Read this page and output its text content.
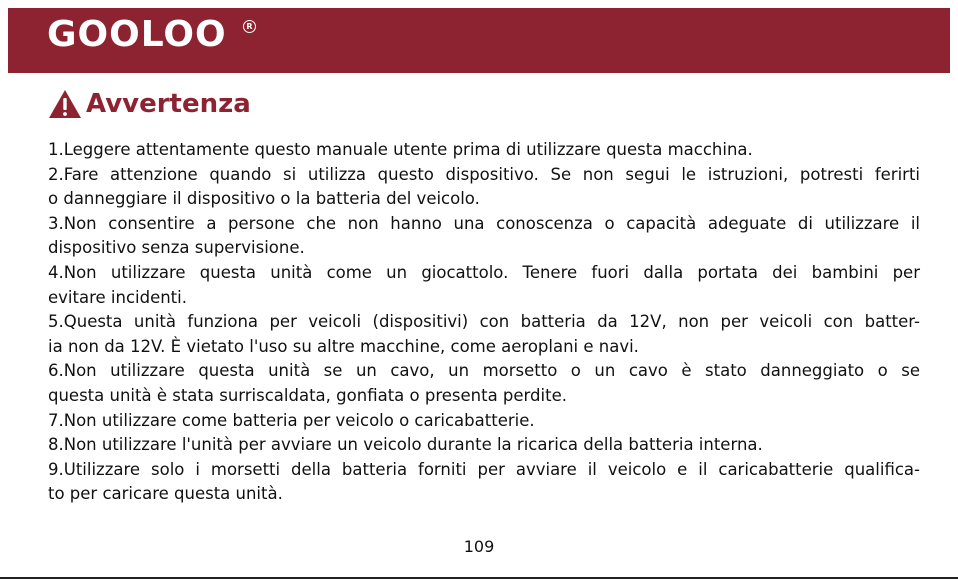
GOOLOO	R
Avvertenza
1.Leggere attentamente questo manuale utente prima di utilizzare questa macchina.
2.Fare attenzione quando si utilizza questo dispositivo. Se non segui le istruzioni, potresti ferirti
o danneggiare il dispositivo o la batteria del veicolo.
3.Non consentire a persone che non hanno una conoscenza o capacità adeguate di utilizzare il
dispositivo senza supervisione.
4.Non utilizzare questa unità come un giocattolo. Tenere fuori dalla portata dei bambini per
evitare incidenti.
5.Questa unità funziona per veicoli (dispositivi) con batteria da 12V, non per veicoli con batter-
ia non da 12V. È vietato l'uso su altre macchine, come aeroplani e navi.
6.Non utilizzare questa unità se un cavo, un morsetto o un cavo è stato danneggiato o se
questa unità è stata surriscaldata, gonfiata o presenta perdite.
7.Non utilizzare come batteria per veicolo o caricabatterie.
8.Non utilizzare l'unità per avviare un veicolo durante la ricarica della batteria interna.
9.Utilizzare solo i morsetti della batteria forniti per avviare il veicolo e il caricabatterie qualifica-
to per caricare questa unità.
109
